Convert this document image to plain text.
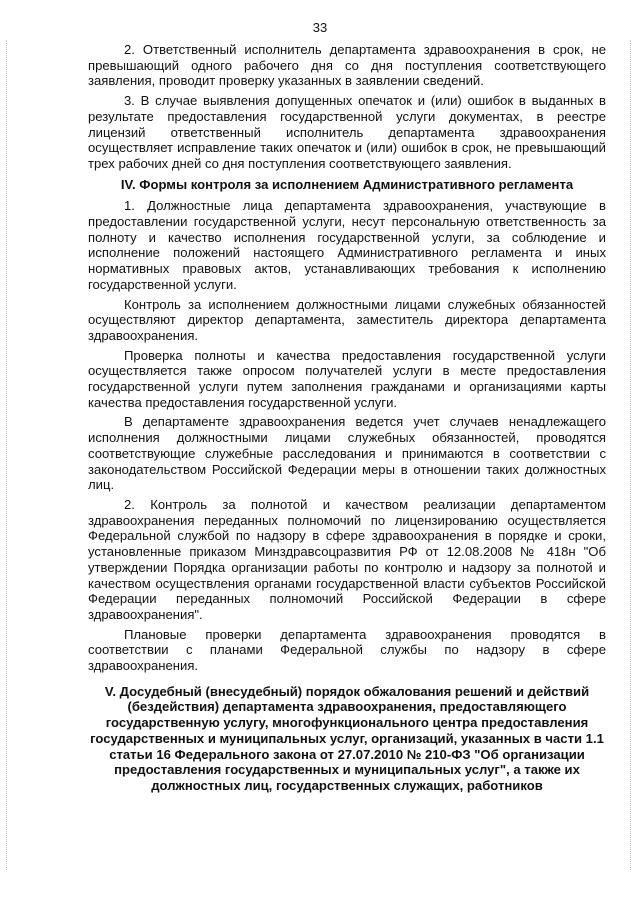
33

2. Ответственный исполнитель департамента здравоохранения в срок, не превышающий одного рабочего дня со дня поступления соответствующего заявления, проводит проверку указанных в заявлении сведений.

3. В случае выявления допущенных опечаток и (или) ошибок в выданных в результате предоставления государственной услуги документах, в реестре лицензий ответственный исполнитель департамента здравоохранения осуществляет исправление таких опечаток и (или) ошибок в срок, не превышающий трех рабочих дней со дня поступления соответствующего заявления.

IV. Формы контроля за исполнением Административного регламента

1. Должностные лица департамента здравоохранения, участвующие в предоставлении государственной услуги, несут персональную ответственность за полноту и качество исполнения государственной услуги, за соблюдение и исполнение положений настоящего Административного регламента и иных нормативных правовых актов, устанавливающих требования к исполнению государственной услуги.

Контроль за исполнением должностными лицами служебных обязанностей осуществляют директор департамента, заместитель директора департамента здравоохранения.

Проверка полноты и качества предоставления государственной услуги осуществляется также опросом получателей услуги в месте предоставления государственной услуги путем заполнения гражданами и организациями карты качества предоставления государственной услуги.

В департаменте здравоохранения ведется учет случаев ненадлежащего исполнения должностными лицами служебных обязанностей, проводятся соответствующие служебные расследования и принимаются в соответствии с законодательством Российской Федерации меры в отношении таких должностных лиц.

2. Контроль за полнотой и качеством реализации департаментом здравоохранения переданных полномочий по лицензированию осуществляется Федеральной службой по надзору в сфере здравоохранения в порядке и сроки, установленные приказом Минздравсоцразвития РФ от 12.08.2008 № 418н "Об утверждении Порядка организации работы по контролю и надзору за полнотой и качеством осуществления органами государственной власти субъектов Российской Федерации переданных полномочий Российской Федерации в сфере здравоохранения".

Плановые проверки департамента здравоохранения проводятся в соответствии с планами Федеральной службы по надзору в сфере здравоохранения.

V. Досудебный (внесудебный) порядок обжалования решений и действий (бездействия) департамента здравоохранения, предоставляющего государственную услугу, многофункционального центра предоставления государственных и муниципальных услуг, организаций, указанных в части 1.1 статьи 16 Федерального закона от 27.07.2010 № 210-ФЗ "Об организации предоставления государственных и муниципальных услуг", а также их должностных лиц, государственных служащих, работников
